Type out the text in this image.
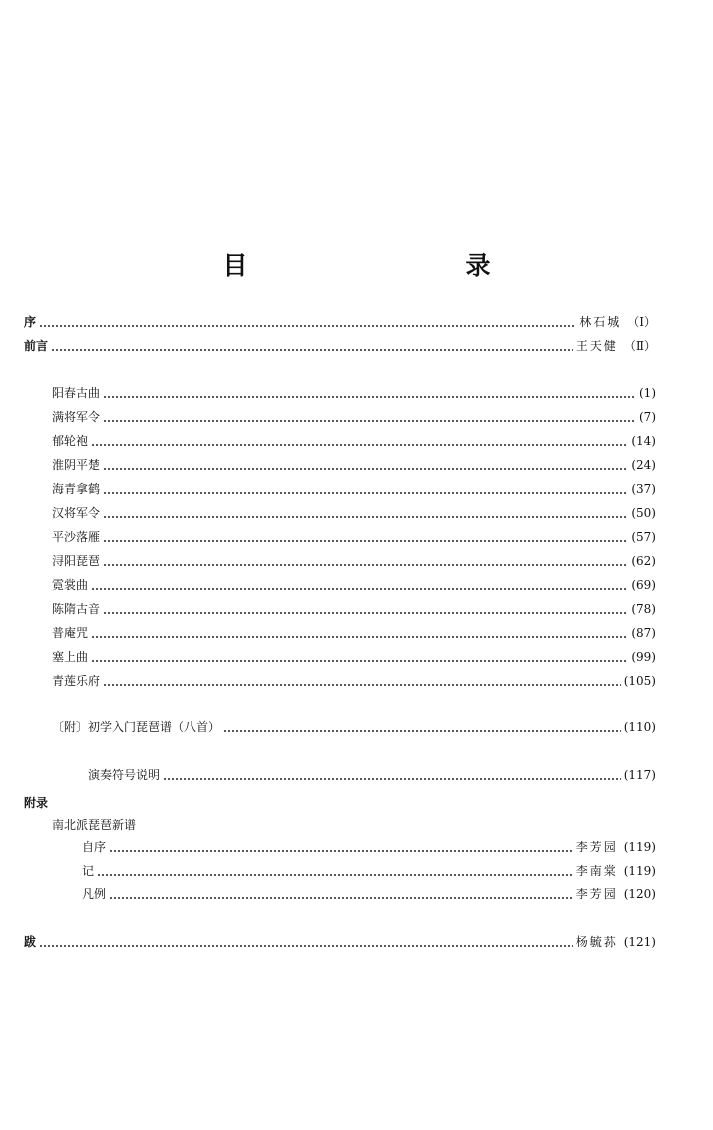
目　　录
序	林石城 （Ⅰ）
前言	王天健 （Ⅱ）
阳春古曲	(1)
满将军令	(7)
郁轮袍	(14)
淮阴平楚	(24)
海青拿鹤	(37)
汉将军令	(50)
平沙落雁	(57)
浔阳琵琶	(62)
霓裳曲	(69)
陈隋古音	(78)
普庵咒	(87)
塞上曲	(99)
青莲乐府	(105)
〔附〕初学入门琵琶谱（八首）	(110)
演奏符号说明	(117)
附录
南北派琵琶新谱
自序	李芳园 (119)
记	李南棠 (119)
凡例	李芳园 (120)
跋	杨毓荪 (121)
